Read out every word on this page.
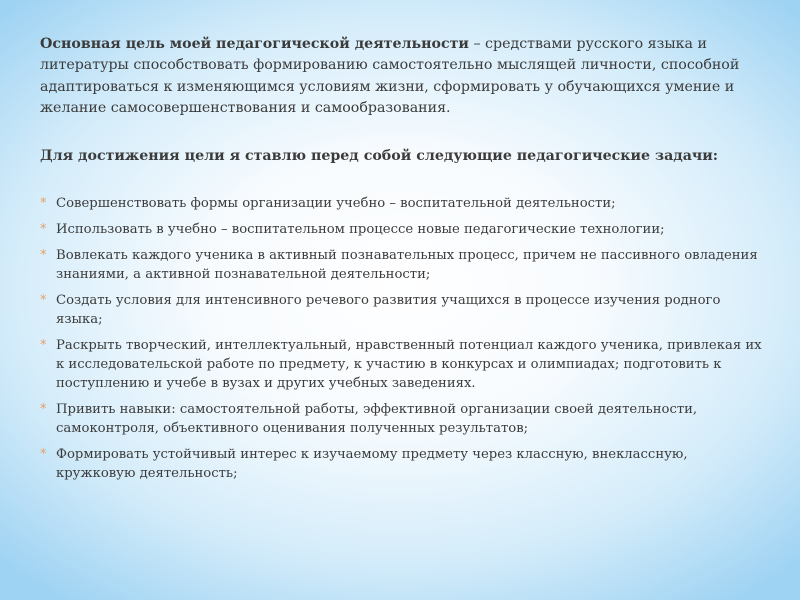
Основная цель моей педагогической деятельности – средствами русского языка и литературы способствовать формированию самостоятельно мыслящей личности, способной адаптироваться к изменяющимся условиям жизни, сформировать у обучающихся умение и желание самосовершенствования и самообразования.

Для достижения цели я ставлю перед собой следующие педагогические задачи:

* Совершенствовать формы организации учебно – воспитательной деятельности;
* Использовать в учебно – воспитательном процессе новые педагогические технологии;
* Вовлекать каждого ученика в активный познавательных процесс, причем не пассивного овладения знаниями, а активной познавательной деятельности;
* Создать условия для интенсивного речевого развития учащихся в процессе изучения родного языка;
* Раскрыть творческий, интеллектуальный, нравственный потенциал каждого ученика, привлекая их к исследовательской работе по предмету, к участию в конкурсах и олимпиадах; подготовить к поступлению и учебе в вузах и других учебных заведениях.
* Привить навыки: самостоятельной работы, эффективной организации своей деятельности, самоконтроля, объективного оценивания полученных результатов;
* Формировать устойчивый интерес к изучаемому предмету через классную, внеклассную, кружковую деятельность;
